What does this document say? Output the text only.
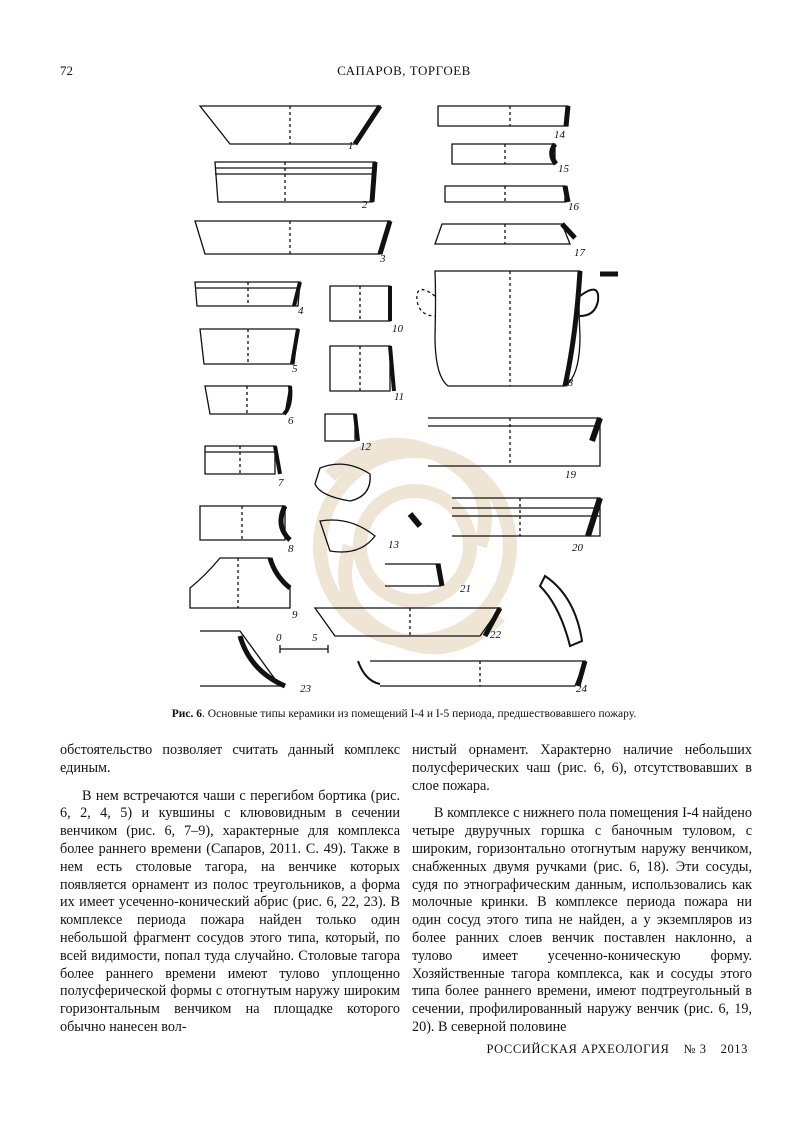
72	САПАРОВ, ТОРГОЕВ
1
2
3
4
5
6
7
8
9
10
11
12
13
14
15
16
17
18
19
20
21
22
23	24
0	5
Рис. 6. Основные типы керамики из помещений I-4 и I-5 периода, предшествовавшего пожару.

обстоятельство позволяет считать данный комплекс единым.

В нем встречаются чаши с перегибом бортика (рис. 6, 2, 4, 5) и кувшины с клювовидным в сечении венчиком (рис. 6, 7–9), характерные для комплекса более раннего времени (Сапаров, 2011. С. 49). Также в нем есть столовые тагора, на венчике которых появляется орнамент из полос треугольников, а форма их имеет усеченно-конический абрис (рис. 6, 22, 23). В комплексе периода пожара найден только один небольшой фрагмент сосудов этого типа, который, по всей видимости, попал туда случайно. Столовые тагора более раннего времени имеют тулово уплощенно полусферической формы с отогнутым наружу широким горизонтальным венчиком на площадке которого обычно нанесен вол-

нистый орнамент. Характерно наличие небольших полусферических чаш (рис. 6, 6), отсутствовавших в слое пожара.

В комплексе с нижнего пола помещения I-4 найдено четыре двуручных горшка с баночным туловом, с широким, горизонтально отогнутым наружу венчиком, снабженных двумя ручками (рис. 6, 18). Эти сосуды, судя по этнографическим данным, использовались как молочные кринки. В комплексе периода пожара ни один сосуд этого типа не найден, а у экземпляров из более ранних слоев венчик поставлен наклонно, а тулово имеет усеченно-коническую форму. Хозяйственные тагора комплекса, как и сосуды этого типа более раннего времени, имеют подтреугольный в сечении, профилированный наружу венчик (рис. 6, 19, 20). В северной половине

РОССИЙСКАЯ АРХЕОЛОГИЯ № 3 2013
